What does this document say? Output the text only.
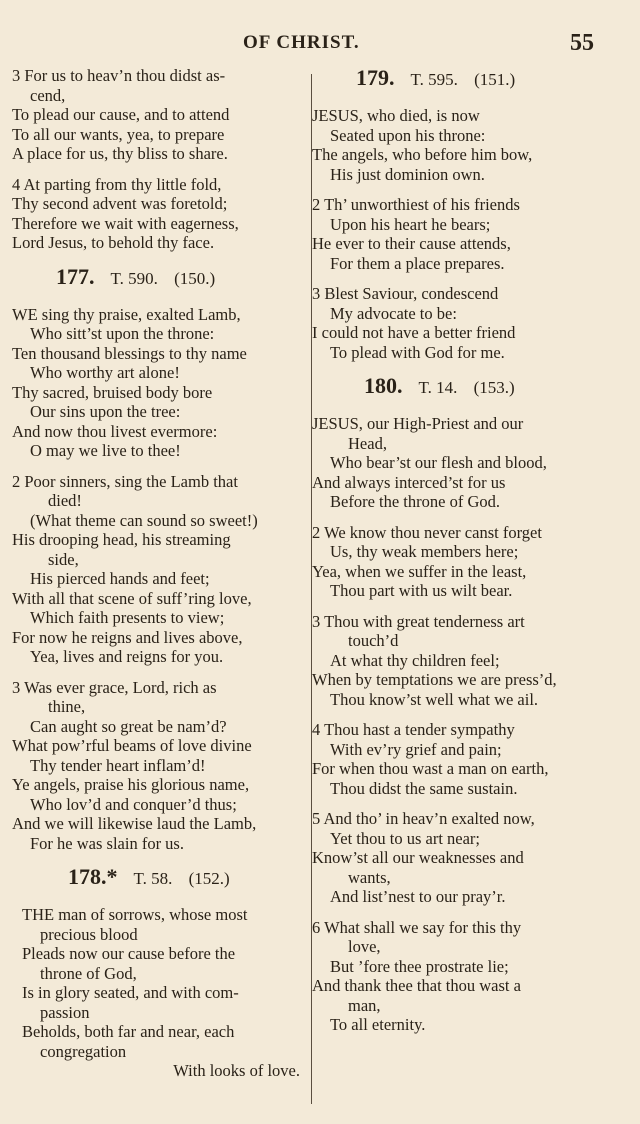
OF CHRIST.	55
3 For us to heav’n thou didst as-
cend,
To plead our cause, and to attend
To all our wants, yea, to prepare
A place for us, thy bliss to share.
4 At parting from thy little fold,
Thy second advent was foretold;
Therefore we wait with eagerness,
Lord Jesus, to behold thy face.
177. T. 590. (150.)
WE sing thy praise, exalted Lamb,
Who sitt’st upon the throne:
Ten thousand blessings to thy name
Who worthy art alone!
Thy sacred, bruised body bore
Our sins upon the tree:
And now thou livest evermore:
O may we live to thee!
2 Poor sinners, sing the Lamb that
died!
(What theme can sound so sweet!)
His drooping head, his streaming
side,
His pierced hands and feet;
With all that scene of suff’ring love,
Which faith presents to view;
For now he reigns and lives above,
Yea, lives and reigns for you.
3 Was ever grace, Lord, rich as
thine,
Can aught so great be nam’d?
What pow’rful beams of love divine
Thy tender heart inflam’d!
Ye angels, praise his glorious name,
Who lov’d and conquer’d thus;
And we will likewise laud the Lamb,
For he was slain for us.
178.* T. 58. (152.)
THE man of sorrows, whose most
precious blood
Pleads now our cause before the
throne of God,
Is in glory seated, and with com-
passion
Beholds, both far and near, each
congregation
With looks of love.
179. T. 595. (151.)
JESUS, who died, is now
Seated upon his throne:
The angels, who before him bow,
His just dominion own.
2 Th’ unworthiest of his friends
Upon his heart he bears;
He ever to their cause attends,
For them a place prepares.
3 Blest Saviour, condescend
My advocate to be:
I could not have a better friend
To plead with God for me.
180. T. 14. (153.)
JESUS, our High-Priest and our
Head,
Who bear’st our flesh and blood,
And always interced’st for us
Before the throne of God.
2 We know thou never canst forget
Us, thy weak members here;
Yea, when we suffer in the least,
Thou part with us wilt bear.
3 Thou with great tenderness art
touch’d
At what thy children feel;
When by temptations we are press’d,
Thou know’st well what we ail.
4 Thou hast a tender sympathy
With ev’ry grief and pain;
For when thou wast a man on earth,
Thou didst the same sustain.
5 And tho’ in heav’n exalted now,
Yet thou to us art near;
Know’st all our weaknesses and
wants,
And list’nest to our pray’r.
6 What shall we say for this thy
love,
But ’fore thee prostrate lie;
And thank thee that thou wast a
man,
To all eternity.
